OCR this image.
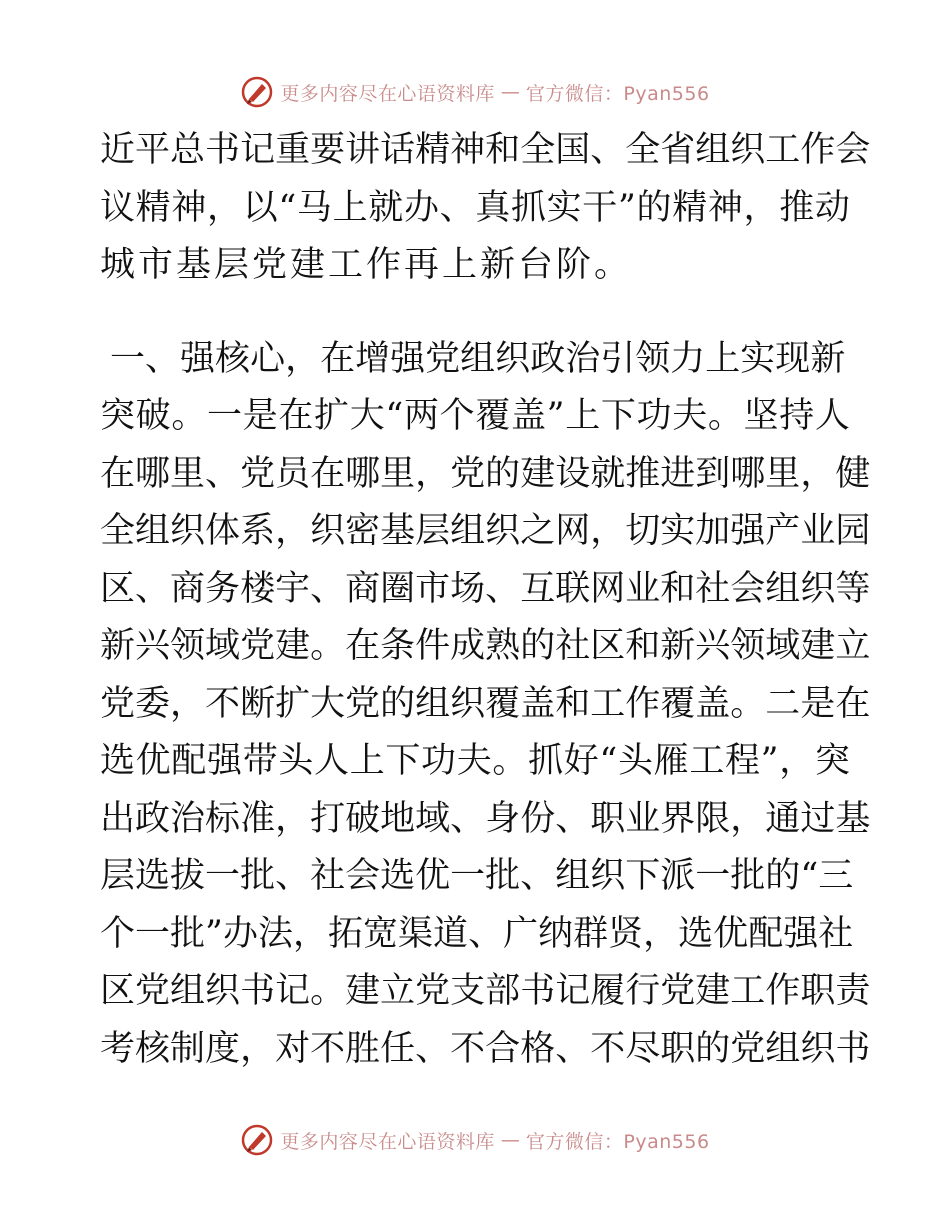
更多内容尽在心语资料库 — 官方微信：Pyan556
近 平 总 书 记 重 要 讲 话 精 神 和 全 国 、 全 省 组 织 工 作 会
议 精 神 ， 以 “ 马 上 就 办 、 真 抓 实 干 ” 的 精 神 ， 推 动
城市基层党建工作再上新台阶。
一 、 强 核 心 ， 在 增 强 党 组 织 政 治 引 领 力 上 实 现 新
突 破 。 一 是 在 扩 大 “ 两 个 覆 盖 ” 上 下 功 夫 。 坚 持 人
在 哪 里 、 党 员 在 哪 里 ， 党 的 建 设 就 推 进 到 哪 里 ， 健
全 组 织 体 系 ， 织 密 基 层 组 织 之 网 ， 切 实 加 强 产 业 园
区 、 商 务 楼 宇 、 商 圈 市 场 、 互 联 网 业 和 社 会 组 织 等
新 兴 领 域 党 建 。 在 条 件 成 熟 的 社 区 和 新 兴 领 域 建 立
党 委 ， 不 断 扩 大 党 的 组 织 覆 盖 和 工 作 覆 盖 。 二 是 在
选 优 配 强 带 头 人 上 下 功 夫 。 抓 好 “ 头 雁 工 程 ” ， 突
出 政 治 标 准 ， 打 破 地 域 、 身 份 、 职 业 界 限 ， 通 过 基
层 选 拔 一 批 、 社 会 选 优 一 批 、 组 织 下 派 一 批 的 “ 三
个 一 批 ” 办 法 ， 拓 宽 渠 道 、 广 纳 群 贤 ， 选 优 配 强 社
区 党 组 织 书 记 。 建 立 党 支 部 书 记 履 行 党 建 工 作 职 责
考 核 制 度 ， 对 不 胜 任 、 不 合 格 、 不 尽 职 的 党 组 织 书
更多内容尽在心语资料库 — 官方微信：Pyan556
